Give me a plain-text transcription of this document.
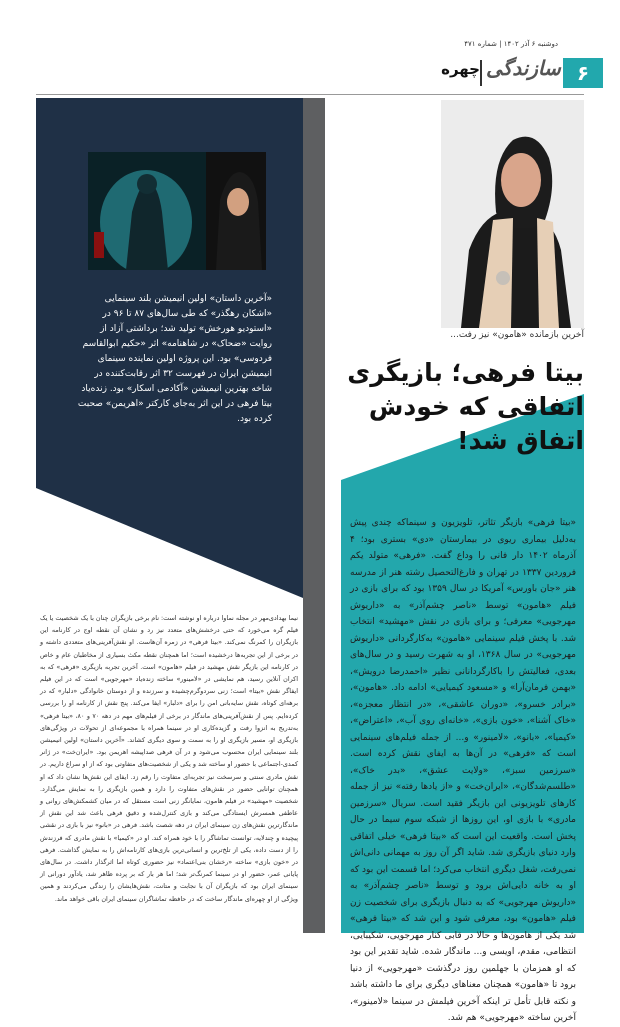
دوشنبه ۶ آذر ۱۴۰۲ | شماره ۴۷۱
سازندگی ۶
چهره
آخرین بازمانده «هامون» نیز رفت...
بیتا فرهی؛ بازیگری اتفاقی که خودش اتفاق شد!
«آخرین داستان» اولین انیمیشن بلند سینمایی «اشکان رهگذر» که طی سال‌های ۸۷ تا ۹۶ در «استودیو هورخش» تولید شد؛ برداشتی آزاد از روایت «ضحاک» در شاهنامه» اثر «حکیم ابوالقاسم فردوسی» بود. این پروژه اولین نماینده سینمای انیمیشن ایران در فهرست ۳۲ اثر رقابت‌کننده در شاخه بهترین انیمیشن «آکادمی اسکار» بود. زنده‌یاد بیتا فرهی در این اثر به‌جای کارکتر «اهریمن» صحبت کرده بود.
«بیتا فرهی» بازیگر تئاتر، تلویزیون و سینماکه چندی پیش به‌دلیل بیماری ریوی در بیمارستان «دی» بستری بود؛ ۴ آذرماه ۱۴۰۲ دار فانی را وداع گفت. «فرهی» متولد یکم فروردین ۱۳۳۷ در تهران و فارغ‌التحصیل رشته هنر از مدرسه هنر «جان باورس» آمریکا در سال ۱۳۵۹ بود که برای بازی در فیلم «هامون» توسط «ناصر چشم‌آذر» به «داریوش مهرجویی» معرفی؛ و برای بازی در نقش «مهشید» انتخاب شد. با پخش فیلم سینمایی «هامون» به‌کارگردانی «داریوش مهرجویی» در سال ۱۳۶۸، او به شهرت رسید و در سال‌های بعدی، فعالیتش را باکارگردانانی نظیر «احمدرضا درویش»، «بهمن فرمان‌آرا» و «مسعود کیمیایی» ادامه داد. «هامون»، «برادر خسرو»، «دوران عاشقی»، «در انتظار معجزه»، «خاک آشنا»، «خون بازی»، «خانه‌ای روی آب»، «اعتراض»، «کیمیا»، «بانو»، «لامینور» و... از جمله فیلم‌های سینمایی است که «فرهی» در آن‌ها به ایفای نقش کرده است. «سرزمین سبز»، «ولایت عشق»، «بدر خاک»، «طلسم‌شدگان»، «ایران‌خت» و «از یادها رفته» نیز از جمله کارهای تلویزیونی این بازیگر فقید است. سریال «سرزمین مادری» با بازی او، این روزها از شبکه سوم سیما در حال پخش است. واقعیت این است که «بیتا فرهی» خیلی اتفاقی وارد دنیای بازیگری شد. شاید اگر آن روز به مهمانی دانی‌اش نمی‌رفت، شغل دیگری انتخاب می‌کرد؛ اما قسمت این بود که او به خانه دایی‌اش برود و توسط «ناصر چشم‌آذر» به «داریوش مهرجویی» که به دنبال بازیگری برای شخصیت زن فیلم «هامون» بود، معرفی شود و این شد که «بیتا فرهی» شد یکی از هامون‌ها و حالا در قابی کنار مهرجویی، شکیبایی، انتظامی، مقدم، اویسی و... ماندگار شده. شاید تقدیر این بود که او همزمان با جهلمین روز درگذشت «مهرجویی» از دنیا برود تا «هامون» همچنان معناهای دیگری برای ما داشته باشد و نکته قابل تأمل تر اینکه آخرین فیلمش در سینما «لامینور»، آخرین ساخته «مهرجویی» هم شد.
نیما بهدادی‌مهر در مجله نماوا درباره او نوشته است: نام برخی بازیگران چنان با یک شخصیت یا یک فیلم گره می‌خورد که حتی درخشش‌های متعدد نیز رد و نشان آن نقطه اوج در کارنامه این بازیگران را کمرنگ نمی‌کند. «بیتا فرهی» در زمره آن‌هاست. او نقش‌آفرینی‌های متعددی داشته و در برخی از این تجربه‌ها درخشیده است؛ اما همچنان نقطه مکث بسیاری از مخاطبان عام و خاص در کارنامه این بازیگر نقش مهشید در فیلم «هامون» است. آخرین تجربه بازیگری «فرهی» که به اکران آنلاین رسید، هم نمایشی در «لامینور» ساخته زنده‌یاد «مهرجویی» است که در این فیلم ایفاگر نقش «بیتا» است؛ زنی سردوگرم‌چشیده و سرزنده و از دوستان خانوادگی «دلبار» که در برهه‌ای کوتاه، نقش سایه‌بانی امن را برای «دلبار» ایفا می‌کند. پنج نقش از کارنامه او را بررسی کرده‌ایم. پس از نقش‌آفرینی‌های ماندگار در برخی از فیلم‌های مهم در دهه ۷۰ و ۸۰، «بیتا فرهی» به‌تدریج به انزوا رفت و گزیده‌کاری او در سینما همراه با مجموعه‌ای از تحولات در ویژگی‌های بازیگری او، مسیر بازیگری او را به سمت و سوی دیگری کشاند. «آخرین داستان» اولین انیمیشن بلند سینمایی ایران محسوب می‌شود و در آن فرهی صداپیشه اهریمن بود. «ایران‌خت» در ژانر کمدی-اجتماعی با حضور او ساخته شد و یکی از شخصیت‌های متفاوتی بود که از او سراغ داریم. در نقش مادری سنتی و سرسخت نیز تجربه‌ای متفاوت را رقم زد. ایفای این نقش‌ها نشان داد که او همچنان توانایی حضور در نقش‌های متفاوت را دارد و همین بازیگری را به نمایش می‌گذارد. شخصیت «مهشید» در فیلم هامون، نمایانگر زنی است مستقل که در میان کشمکش‌های روانی و عاطفی همسرش ایستادگی می‌کند و بازی کنترل‌شده و دقیق فرهی باعث شد این نقش از ماندگارترین نقش‌های زن سینمای ایران در دهه شصت باشد. فرهی در «بانو» نیز با بازی در نقشی پیچیده و چندلایه، توانست تماشاگر را با خود همراه کند. او در «کیمیا» با نقش مادری که فرزندش را از دست داده، یکی از تلخ‌ترین و انسانی‌ترین بازی‌های کارنامه‌اش را به نمایش گذاشت. فرهی در «خون بازی» ساخته «رخشان بنی‌اعتماد» نیز حضوری کوتاه اما اثرگذار داشت. در سال‌های پایانی عمر، حضور او در سینما کمرنگ‌تر شد؛ اما هر بار که بر پرده ظاهر شد، یادآور دورانی از سینمای ایران بود که بازیگران آن با نجابت و متانت، نقش‌هایشان را زندگی می‌کردند و همین ویژگی از او چهره‌ای ماندگار ساخت که در حافظه تماشاگران سینمای ایران باقی خواهد ماند.
